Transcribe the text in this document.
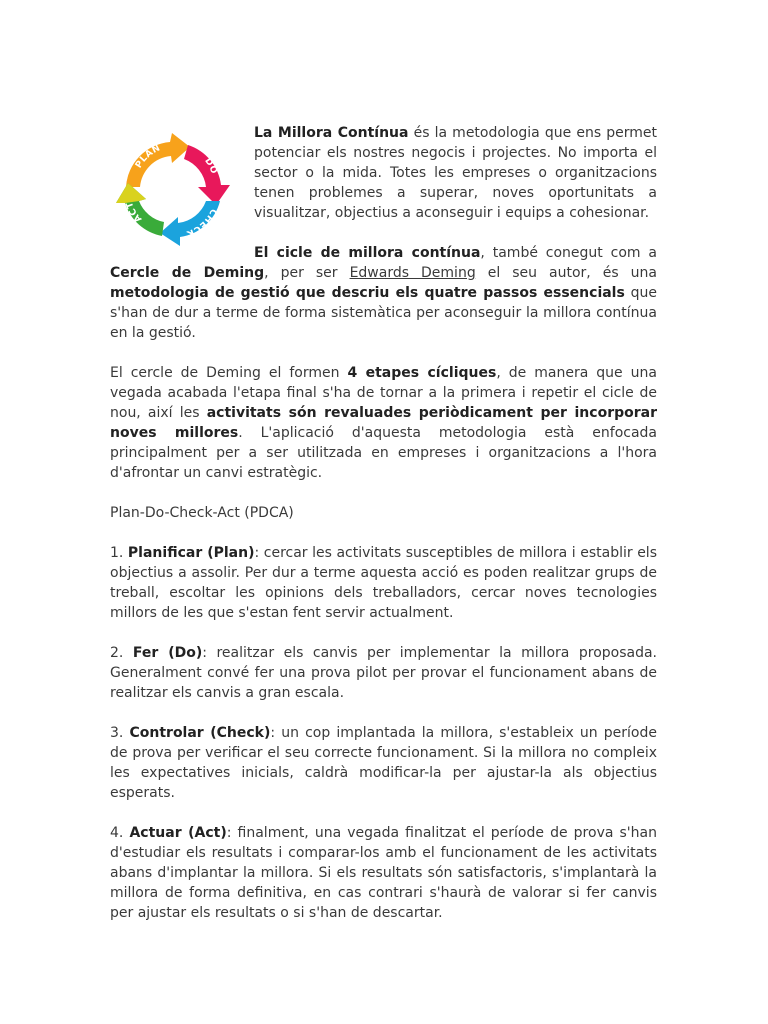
PLAN
DO
CHECK
ACT
La Millora Contínua és la metodologia que ens permet potenciar els nostres negocis i projectes. No importa el sector o la mida. Totes les empreses o organitzacions tenen problemes a superar, noves oportunitats a visualitzar, objectius a aconseguir i equips a cohesionar.

El cicle de millora contínua, també conegut com a Cercle de Deming, per ser Edwards Deming el seu autor, és una metodologia de gestió que descriu els quatre passos essencials que s'han de dur a terme de forma sistemàtica per aconseguir la millora contínua en la gestió.

El cercle de Deming el formen 4 etapes cícliques, de manera que una vegada acabada l'etapa final s'ha de tornar a la primera i repetir el cicle de nou, així les activitats són revaluades periòdicament per incorporar noves millores. L'aplicació d'aquesta metodologia està enfocada principalment per a ser utilitzada en empreses i organitzacions a l'hora d'afrontar un canvi estratègic.

Plan-Do-Check-Act (PDCA)

1. Planificar (Plan): cercar les activitats susceptibles de millora i establir els objectius a assolir. Per dur a terme aquesta acció es poden realitzar grups de treball, escoltar les opinions dels treballadors, cercar noves tecnologies millors de les que s'estan fent servir actualment.

2. Fer (Do): realitzar els canvis per implementar la millora proposada. Generalment convé fer una prova pilot per provar el funcionament abans de realitzar els canvis a gran escala.

3. Controlar (Check): un cop implantada la millora, s'estableix un període de prova per verificar el seu correcte funcionament. Si la millora no compleix les expectatives inicials, caldrà modificar-la per ajustar-la als objectius esperats.

4. Actuar (Act): finalment, una vegada finalitzat el període de prova s'han d'estudiar els resultats i comparar-los amb el funcionament de les activitats abans d'implantar la millora. Si els resultats són satisfactoris, s'implantarà la millora de forma definitiva, en cas contrari s'haurà de valorar si fer canvis per ajustar els resultats o si s'han de descartar.
